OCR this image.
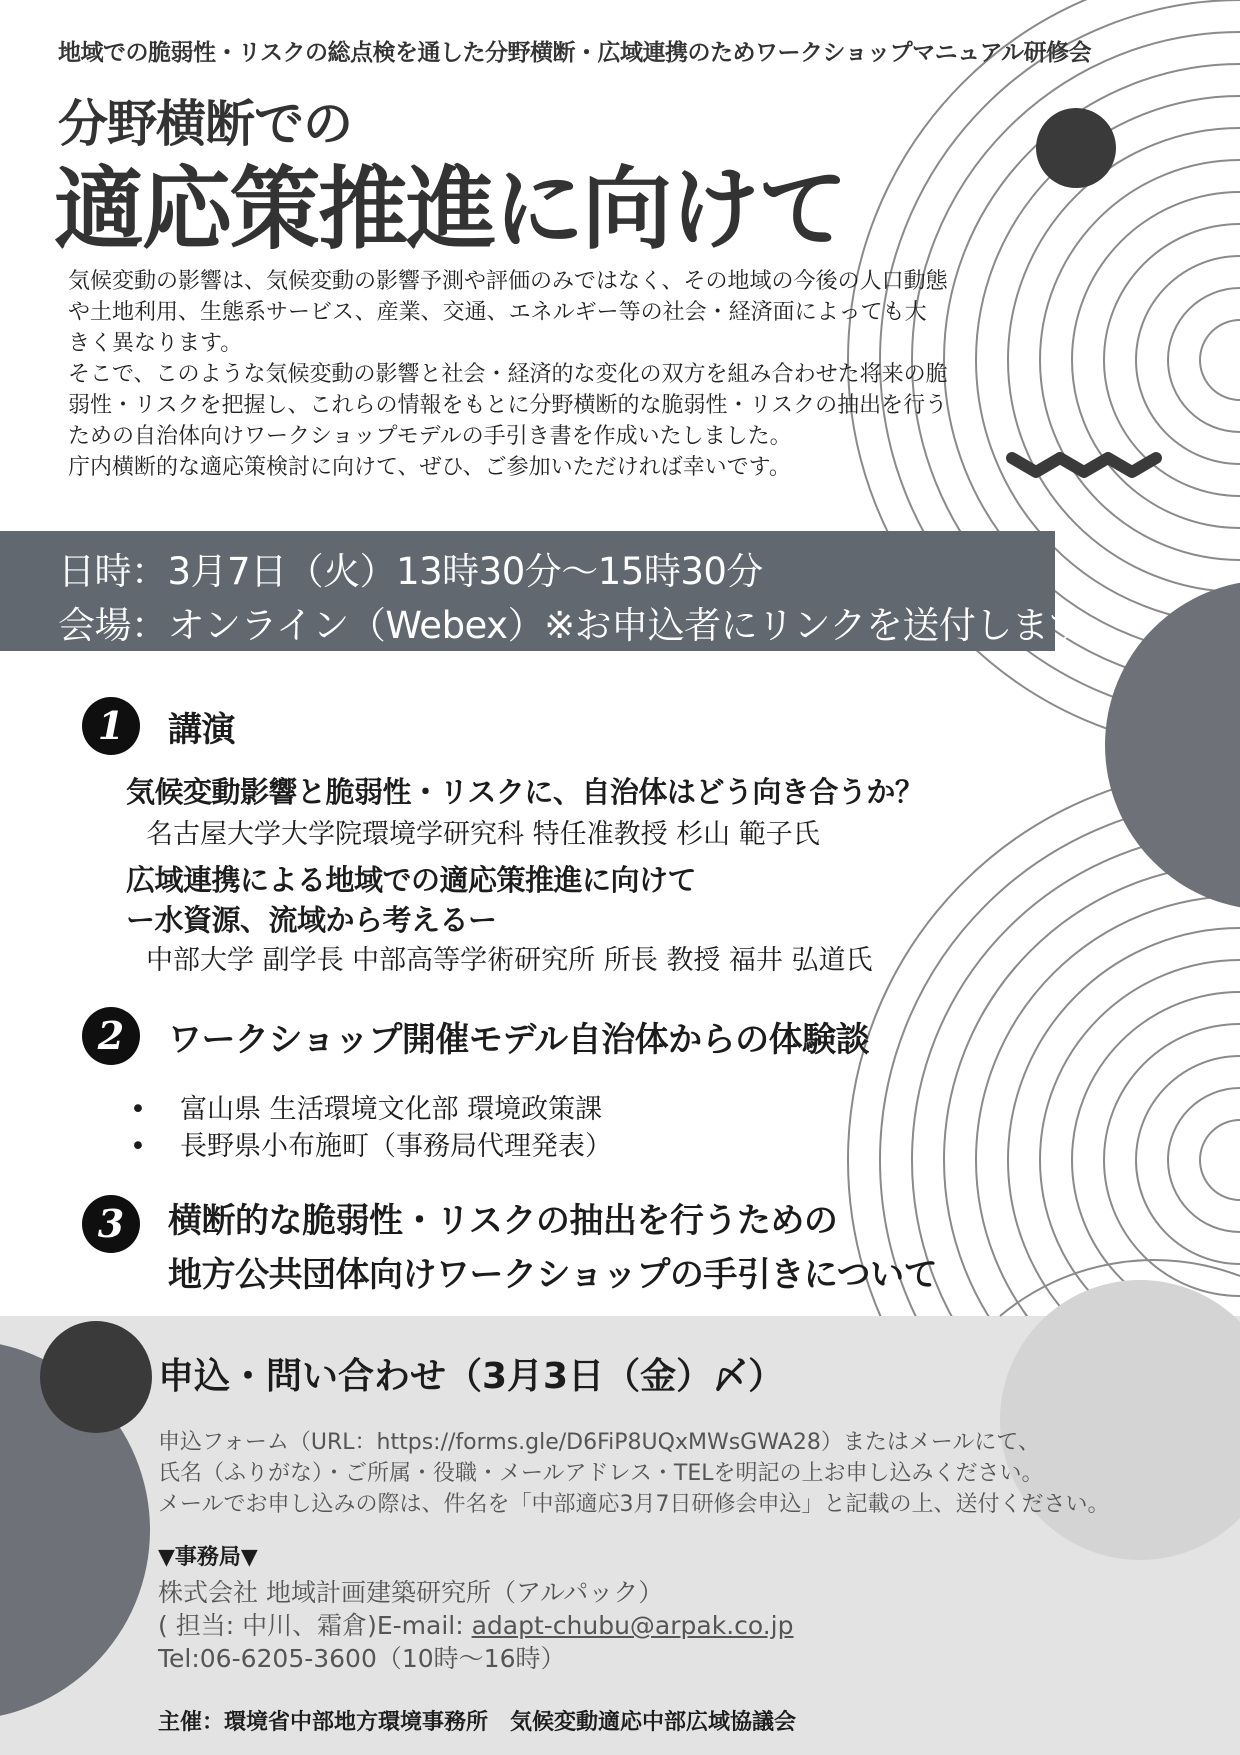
地域での脆弱性・リスクの総点検を通した分野横断・広域連携のためワークショップマニュアル研修会
分野横断での
適応策推進に向けて

気候変動の影響は、気候変動の影響予測や評価のみではなく、その地域の今後の人口動態や土地利用、生態系サービス、産業、交通、エネルギー等の社会・経済面によっても大きく異なります。

そこで、このような気候変動の影響と社会・経済的な変化の双方を組み合わせた将来の脆弱性・リスクを把握し、これらの情報をもとに分野横断的な脆弱性・リスクの抽出を行うための自治体向けワークショップモデルの手引き書を作成いたしました。

庁内横断的な適応策検討に向けて、ぜひ、ご参加いただければ幸いです。

日時：3月7日（火）13時30分～15時30分
会場：オンライン（Webex）※お申込者にリンクを送付します。
1	講演
気候変動影響と脆弱性・リスクに、自治体はどう向き合うか？
名古屋大学大学院環境学研究科 特任准教授 杉山 範子氏
広域連携による地域での適応策推進に向けて
ー水資源、流域から考えるー
中部大学 副学長 中部高等学術研究所 所長 教授 福井 弘道氏
2	ワークショップ開催モデル自治体からの体験談
• 富山県 生活環境文化部 環境政策課
• 長野県小布施町（事務局代理発表）
3	横断的な脆弱性・リスクの抽出を行うための
地方公共団体向けワークショップの手引きについて
申込・問い合わせ（3月3日（金）〆）

申込フォーム（URL：https://forms.gle/D6FiP8UQxMWsGWA28）またはメールにて、

氏名（ふりがな）・ご所属・役職・メールアドレス・TELを明記の上お申し込みください。

メールでお申し込みの際は、件名を「中部適応3月7日研修会申込」と記載の上、送付ください。

▼事務局▼

株式会社 地域計画建築研究所（アルパック）

( 担当: 中川、霜倉)E-mail: adapt-chubu@arpak.co.jp

Tel:06-6205-3600（10時～16時）

主催：環境省中部地方環境事務所　気候変動適応中部広域協議会
